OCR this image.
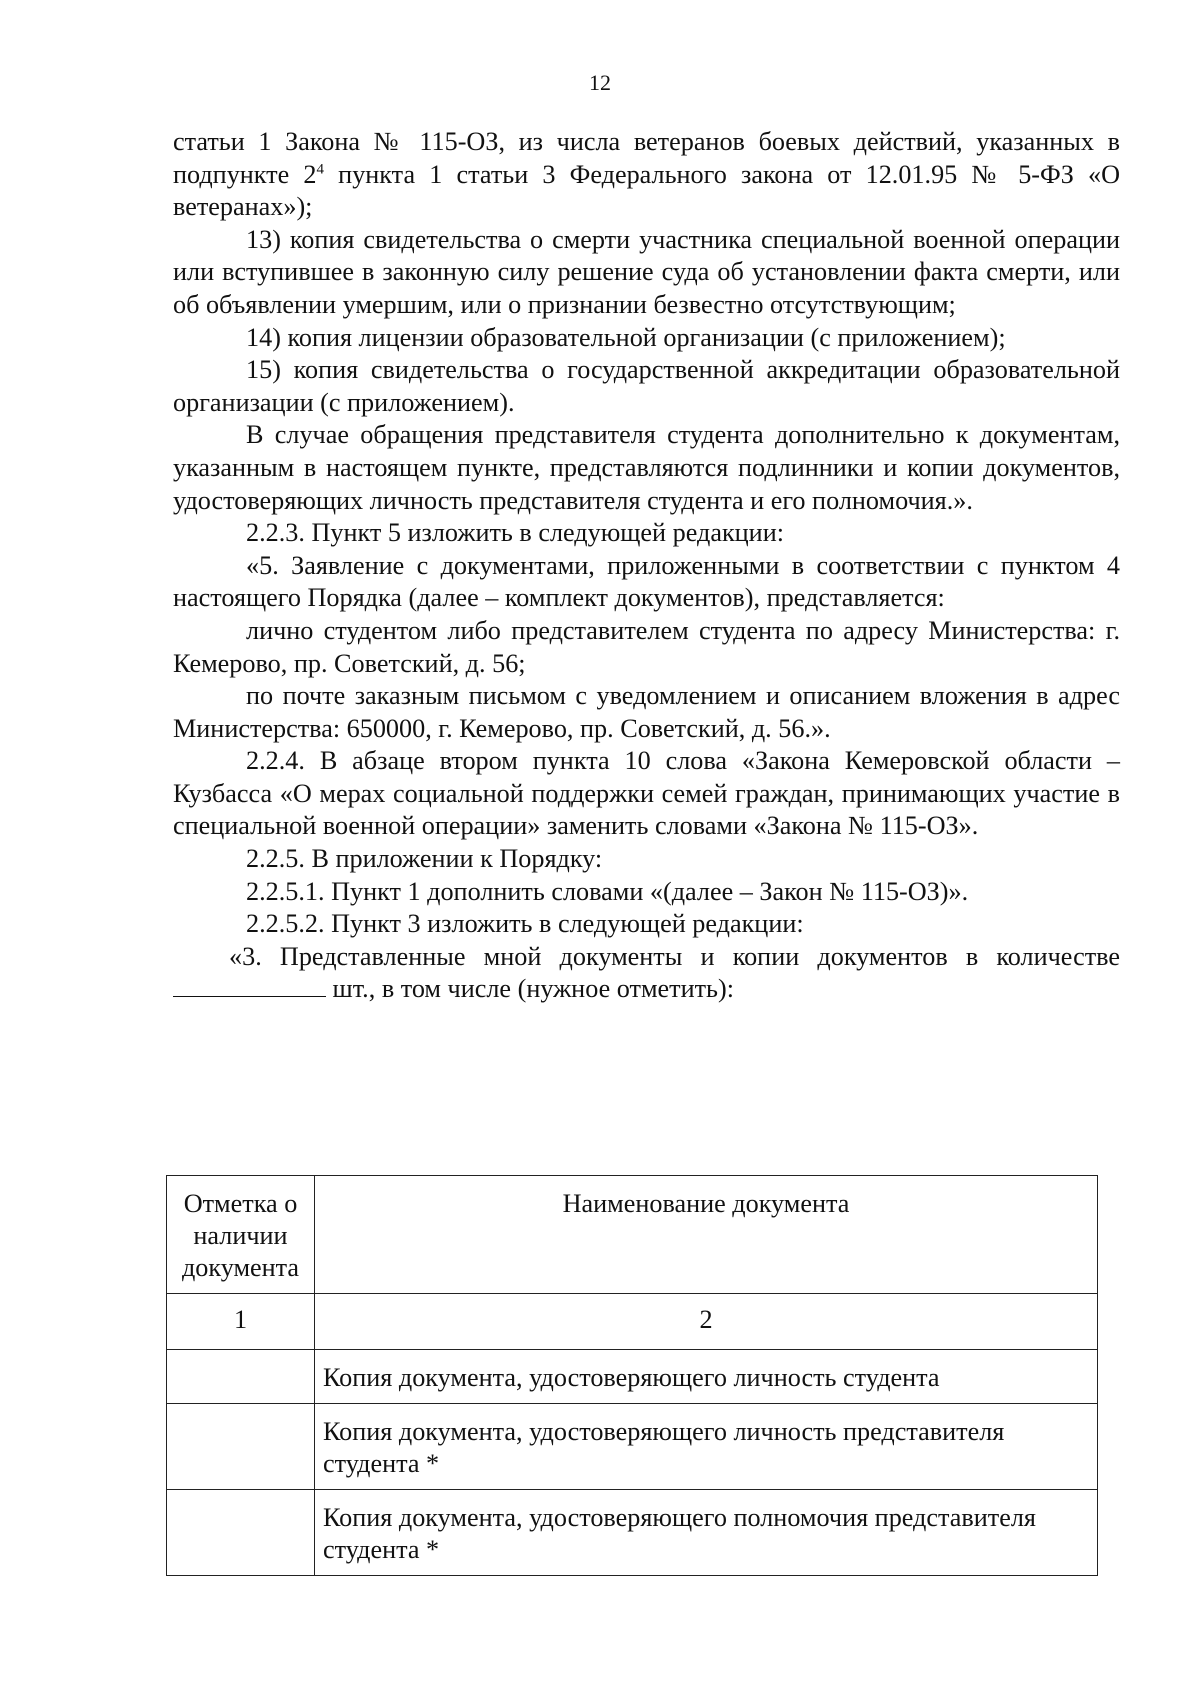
12

статьи 1 Закона № 115-ОЗ, из числа ветеранов боевых действий, указанных в подпункте $2^4$ пункта 1 статьи 3 Федерального закона от 12.01.95 № 5-ФЗ «О ветеранах»);

13) копия свидетельства о смерти участника специальной военной операции или вступившее в законную силу решение суда об установлении факта смерти, или об объявлении умершим, или о признании безвестно отсутствующим;

14) копия лицензии образовательной организации (с приложением);

15) копия свидетельства о государственной аккредитации образовательной организации (с приложением).

В случае обращения представителя студента дополнительно к документам, указанным в настоящем пункте, представляются подлинники и копии документов, удостоверяющих личность представителя студента и его полномочия.».

2.2.3. Пункт 5 изложить в следующей редакции:

«5. Заявление с документами, приложенными в соответствии с пунктом 4 настоящего Порядка (далее – комплект документов), представляется:

лично студентом либо представителем студента по адресу Министерства: г. Кемерово, пр. Советский, д. 56;

по почте заказным письмом с уведомлением и описанием вложения в адрес Министерства: 650000, г. Кемерово, пр. Советский, д. 56.».

2.2.4. В абзаце втором пункта 10 слова «Закона Кемеровской области – Кузбасса «О мерах социальной поддержки семей граждан, принимающих участие в специальной военной операции» заменить словами «Закона № 115-ОЗ».

2.2.5. В приложении к Порядку:

2.2.5.1. Пункт 1 дополнить словами «(далее – Закон № 115-ОЗ)».

2.2.5.2. Пункт 3 изложить в следующей редакции:

«3. Представленные мной документы и копии документов в количестве  шт., в том числе (нужное отметить):

Отметка о наличии документа	Наименование документа
1	2
	Копия документа, удостоверяющего личность студента
	Копия документа, удостоверяющего личность представителя студента *
	Копия документа, удостоверяющего полномочия представителя студента *
